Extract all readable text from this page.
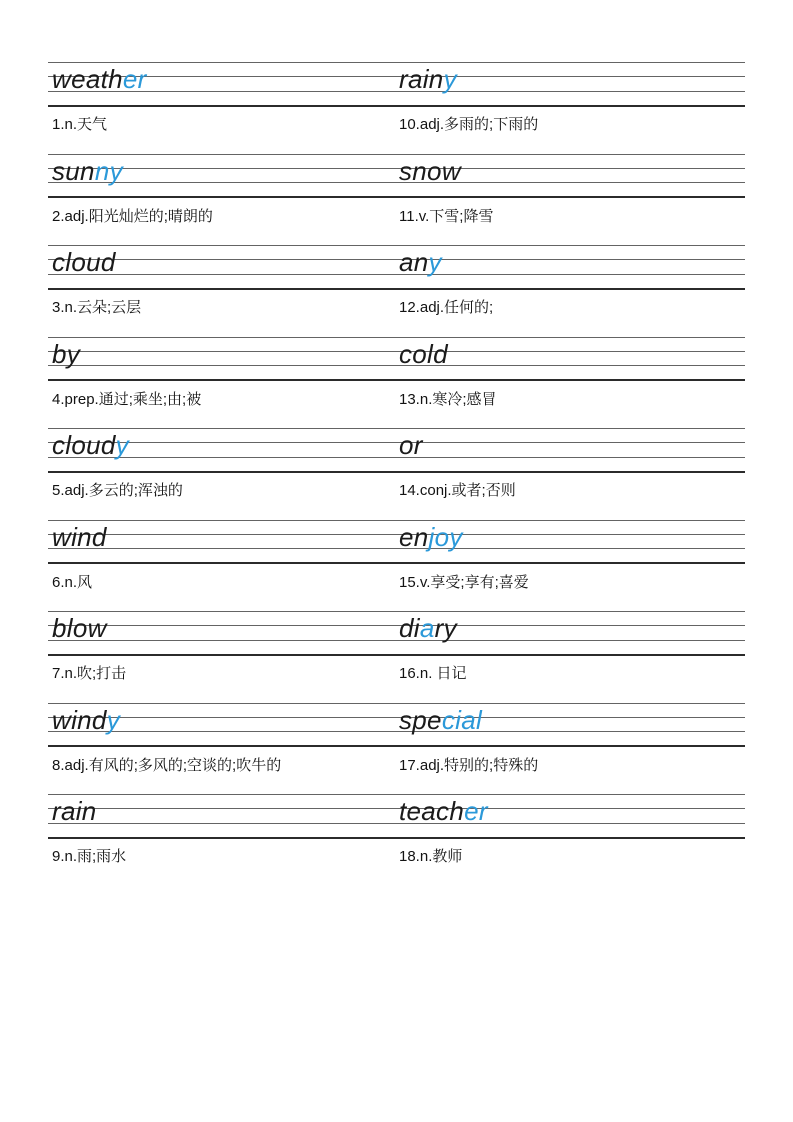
weather	rainy
1.n.天气	10.adj.多雨的;下雨的
sunny	snow
2.adj.阳光灿烂的;晴朗的	11.v.下雪;降雪
cloud	any
3.n.云朵;云层	12.adj.任何的;
by	cold
4.prep.通过;乘坐;由;被	13.n.寒冷;感冒
cloudy	or
5.adj.多云的;浑浊的	14.conj.或者;否则
wind	enjoy
6.n.风	15.v.享受;享有;喜爱
blow	diary
7.n.吹;打击	16.n. 日记
windy	special
8.adj.有风的;多风的;空谈的;吹牛的	17.adj.特别的;特殊的
rain	teacher
9.n.雨;雨水	18.n.教师
